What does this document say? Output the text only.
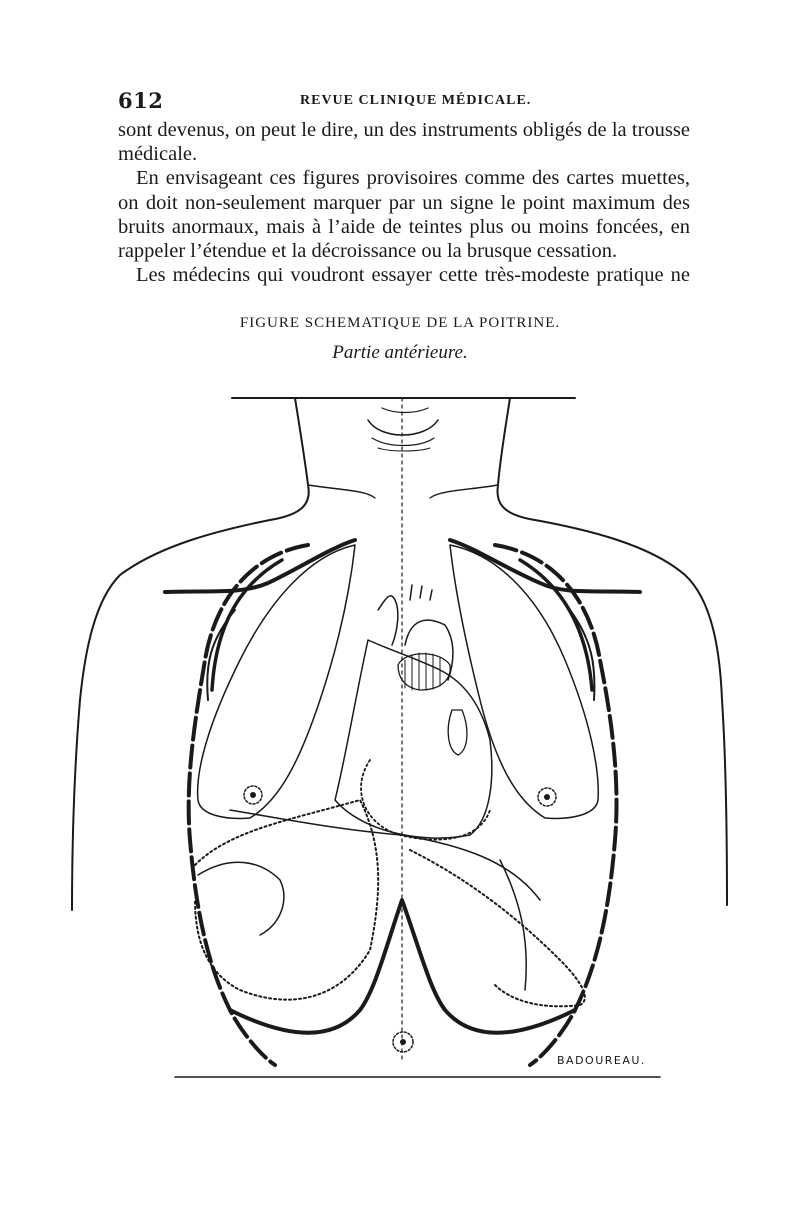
612	REVUE CLINIQUE MÉDICALE.

sont devenus, on peut le dire, un des instruments obligés de la trousse médicale.

En envisageant ces figures provisoires comme des cartes muettes, on doit non-seulement marquer par un signe le point maximum des bruits anormaux, mais à l’aide de teintes plus ou moins foncées, en rappeler l’étendue et la décroissance ou la brusque cessation.

Les médecins qui voudront essayer cette très-modeste pratique ne

FIGURE SCHEMATIQUE DE LA POITRINE.
Partie antérieure.
BADOUREAU.
